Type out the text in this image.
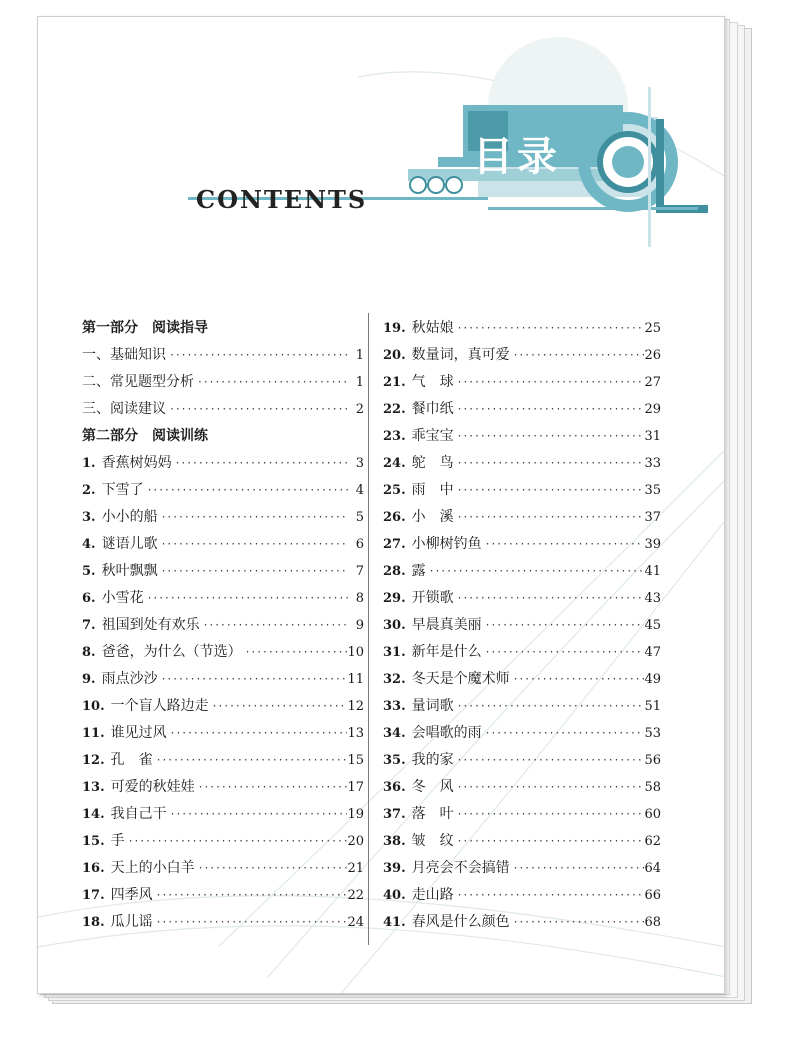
目录
CONTENTS
第一部分 阅读指导
一、基础知识 ·····	1
二、常见题型分析 ·····	1
三、阅读建议 ·····	2
第二部分 阅读训练
1. 香蕉树妈妈 ·····	3
2. 下雪了 ·····	4
3. 小小的船 ·····	5
4. 谜语儿歌 ·····	6
5. 秋叶飘飘 ·····	7
6. 小雪花 ·····	8
7. 祖国到处有欢乐 ·····	9
8. 爸爸，为什么（节选） ·····	10
9. 雨点沙沙 ·····	11
10. 一个盲人路边走 ·····	12
11. 谁见过风 ·····	13
12. 孔　雀 ·····	15
13. 可爱的秋娃娃 ·····	17
14. 我自己干 ·····	19
15. 手 ·····	20
16. 天上的小白羊 ·····	21
17. 四季风 ·····	22
18. 瓜儿谣 ·····	24
19. 秋姑娘 ·····	25
20. 数量词，真可爱 ·····	26
21. 气　球 ·····	27
22. 餐巾纸 ·····	29
23. 乖宝宝 ·····	31
24. 鸵　鸟 ·····	33
25. 雨　中 ·····	35
26. 小　溪 ·····	37
27. 小柳树钓鱼 ·····	39
28. 露 ·····	41
29. 开锁歌 ·····	43
30. 早晨真美丽 ·····	45
31. 新年是什么 ·····	47
32. 冬天是个魔术师 ·····	49
33. 量词歌 ·····	51
34. 会唱歌的雨 ·····	53
35. 我的家 ·····	56
36. 冬　风 ·····	58
37. 落　叶 ·····	60
38. 皱　纹 ·····	62
39. 月亮会不会搞错 ·····	64
40. 走山路 ·····	66
41. 春风是什么颜色 ·····	68
